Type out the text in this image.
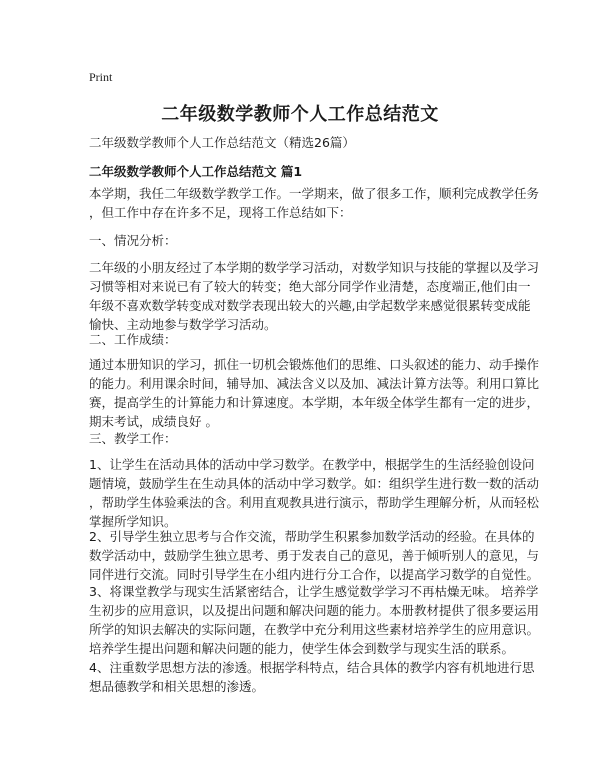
Print
二年级数学教师个人工作总结范文
二年级数学教师个人工作总结范文（精选26篇）
二年级数学教师个人工作总结范文 篇1
本学期，我任二年级数学教学工作。一学期来，做了很多工作，顺利完成教学任务
，但工作中存在许多不足，现将工作总结如下：
一、情况分析：
二年级的小朋友经过了本学期的数学学习活动，对数学知识与技能的掌握以及学习
习惯等相对来说已有了较大的转变；绝大部分同学作业清楚，态度端正,他们由一
年级不喜欢数学转变成对数学表现出较大的兴趣,由学起数学来感觉很累转变成能
愉快、主动地参与数学学习活动。
二、工作成绩：
通过本册知识的学习，抓住一切机会锻炼他们的思维、口头叙述的能力、动手操作
的能力。利用课余时间，辅导加、减法含义以及加、减法计算方法等。利用口算比
赛，提高学生的计算能力和计算速度。本学期，本年级全体学生都有一定的进步，
期末考试，成绩良好 。
三、教学工作：
1、让学生在活动具体的活动中学习数学。在教学中，根据学生的生活经验创设问
题情境，鼓励学生在生动具体的活动中学习数学。如：组织学生进行数一数的活动
，帮助学生体验乘法的含。利用直观教具进行演示，帮助学生理解分析，从而轻松
掌握所学知识。
2、引导学生独立思考与合作交流，帮助学生积累参加数学活动的经验。在具体的
数学活动中，鼓励学生独立思考、勇于发表自己的意见，善于倾听别人的意见，与
同伴进行交流。同时引导学生在小组内进行分工合作，以提高学习数学的自觉性。
3、将课堂教学与现实生活紧密结合，让学生感觉数学学习不再枯燥无味。 培养学
生初步的应用意识，以及提出问题和解决问题的能力。本册教材提供了很多要运用
所学的知识去解决的实际问题，在教学中充分利用这些素材培养学生的应用意识。
培养学生提出问题和解决问题的能力，使学生体会到数学与现实生活的联系。
4、注重数学思想方法的渗透。根据学科特点，结合具体的教学内容有机地进行思
想品德教学和相关思想的渗透。
